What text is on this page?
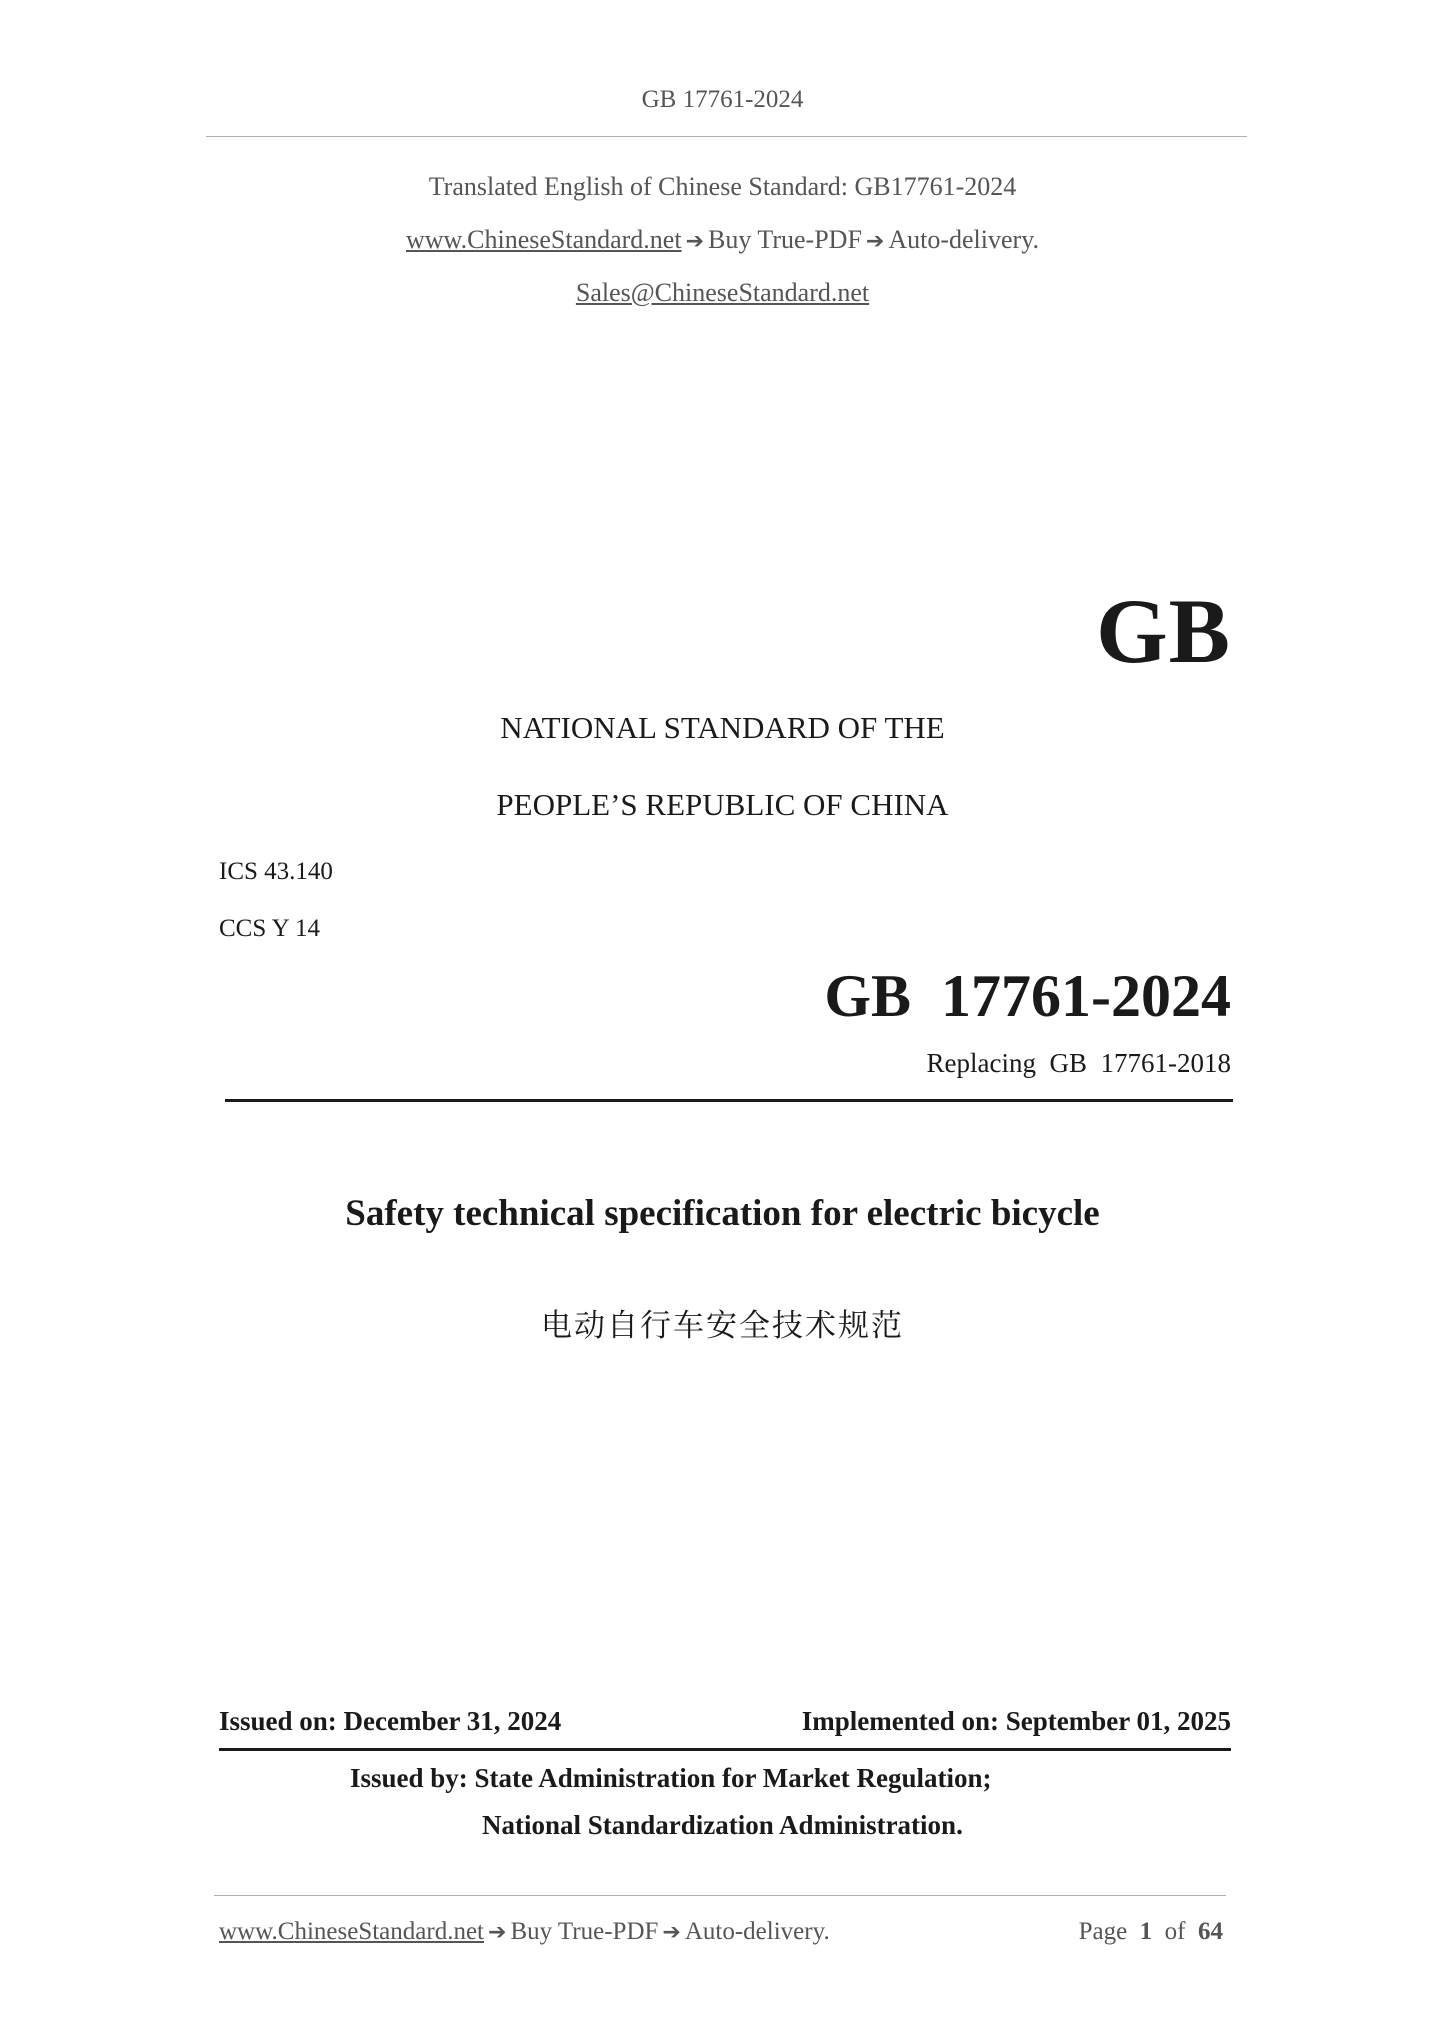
GB 17761-2024
Translated English of Chinese Standard: GB17761-2024
www.ChineseStandard.net ➔ Buy True-PDF ➔ Auto-delivery.
Sales@ChineseStandard.net
GB
NATIONAL STANDARD OF THE
PEOPLE’S REPUBLIC OF CHINA
ICS 43.140
CCS Y 14
GB  17761-2024
Replacing  GB  17761-2018
Safety technical specification for electric bicycle
电动自行车安全技术规范
Issued on: December 31, 2024	Implemented on: September 01, 2025
Issued by: State Administration for Market Regulation;
National Standardization Administration.
www.ChineseStandard.net ➔ Buy True-PDF ➔ Auto-delivery.	Page 1 of 64
